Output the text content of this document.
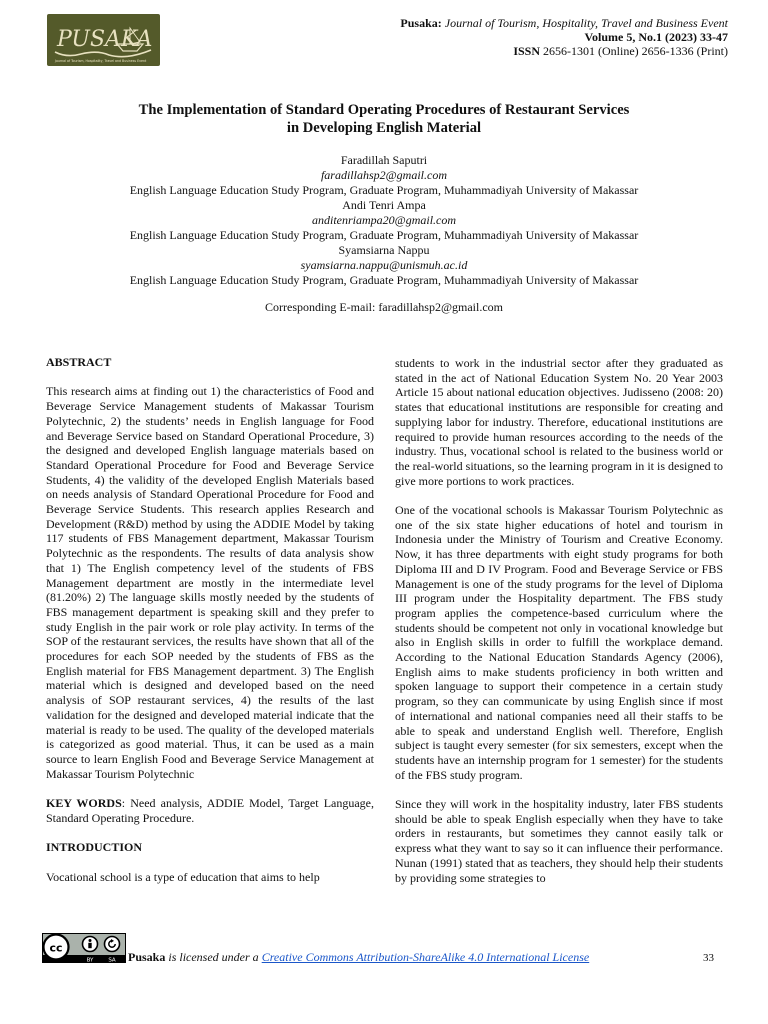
PUSAKA
Journal of Tourism, Hospitality, Travel and Business Event
Pusaka: Journal of Tourism, Hospitality, Travel and Business Event
Volume 5, No.1 (2023) 33-47
ISSN 2656-1301 (Online) 2656-1336 (Print)
The Implementation of Standard Operating Procedures of Restaurant Services
in Developing English Material
Faradillah Saputri
faradillahsp2@gmail.com
English Language Education Study Program, Graduate Program, Muhammadiyah University of Makassar
Andi Tenri Ampa
anditenriampa20@gmail.com
English Language Education Study Program, Graduate Program, Muhammadiyah University of Makassar
Syamsiarna Nappu
syamsiarna.nappu@unismuh.ac.id
English Language Education Study Program, Graduate Program, Muhammadiyah University of Makassar
Corresponding E-mail: faradillahsp2@gmail.com

ABSTRACT

This research aims at finding out 1) the characteristics of Food and Beverage Service Management students of Makassar Tourism Polytechnic, 2) the students’ needs in English language for Food and Beverage Service based on Standard Operational Procedure, 3) the designed and developed English language materials based on Standard Operational Procedure for Food and Beverage Service Students, 4) the validity of the developed English Materials based on needs analysis of Standard Operational Procedure for Food and Beverage Service Students. This research applies Research and Development (R&D) method by using the ADDIE Model by taking 117 students of FBS Management department, Makassar Tourism Polytechnic as the respondents. The results of data analysis show that 1) The English competency level of the students of FBS Management department are mostly in the intermediate level (81.20%) 2) The language skills mostly needed by the students of FBS management department is speaking skill and they prefer to study English in the pair work or role play activity. In terms of the SOP of the restaurant services, the results have shown that all of the procedures for each SOP needed by the students of FBS as the English material for FBS Management department. 3) The English material which is designed and developed based on the need analysis of SOP restaurant services, 4) the results of the last validation for the designed and developed material indicate that the material is ready to be used. The quality of the developed materials is categorized as good material. Thus, it can be used as a main source to learn English Food and Beverage Service Management at Makassar Tourism Polytechnic

KEY WORDS: Need analysis, ADDIE Model, Target Language, Standard Operating Procedure.

INTRODUCTION

Vocational school is a type of education that aims to help

students to work in the industrial sector after they graduated as stated in the act of National Education System No. 20 Year 2003 Article 15 about national education objectives. Judisseno (2008: 20) states that educational institutions are responsible for creating and supplying labor for industry. Therefore, educational institutions are required to provide human resources according to the needs of the industry. Thus, vocational school is related to the business world or the real-world situations, so the learning program in it is designed to give more portions to work practices.

One of the vocational schools is Makassar Tourism Polytechnic as one of the six state higher educations of hotel and tourism in Indonesia under the Ministry of Tourism and Creative Economy. Now, it has three departments with eight study programs for both Diploma III and D IV Program. Food and Beverage Service or FBS Management is one of the study programs for the level of Diploma III program under the Hospitality department. The FBS study program applies the competence-based curriculum where the students should be competent not only in vocational knowledge but also in English skills in order to fulfill the workplace demand. According to the National Education Standards Agency (2006), English aims to make students proficiency in both written and spoken language to support their competence in a certain study program, so they can communicate by using English since if most of international and national companies need all their staffs to be able to speak and understand English well. Therefore, English subject is taught every semester (for six semesters, except when the students have an internship program for 1 semester) for the students of the FBS study program.

Since they will work in the hospitality industry, later FBS students should be able to speak English especially when they have to take orders in restaurants, but sometimes they cannot easily talk or express what they want to say so it can influence their performance. Nunan (1991) stated that as teachers, they should help their students by providing some strategies to

cc
BY	SA Pusaka is licensed under a Creative Commons Attribution-ShareAlike 4.0 International License	33
